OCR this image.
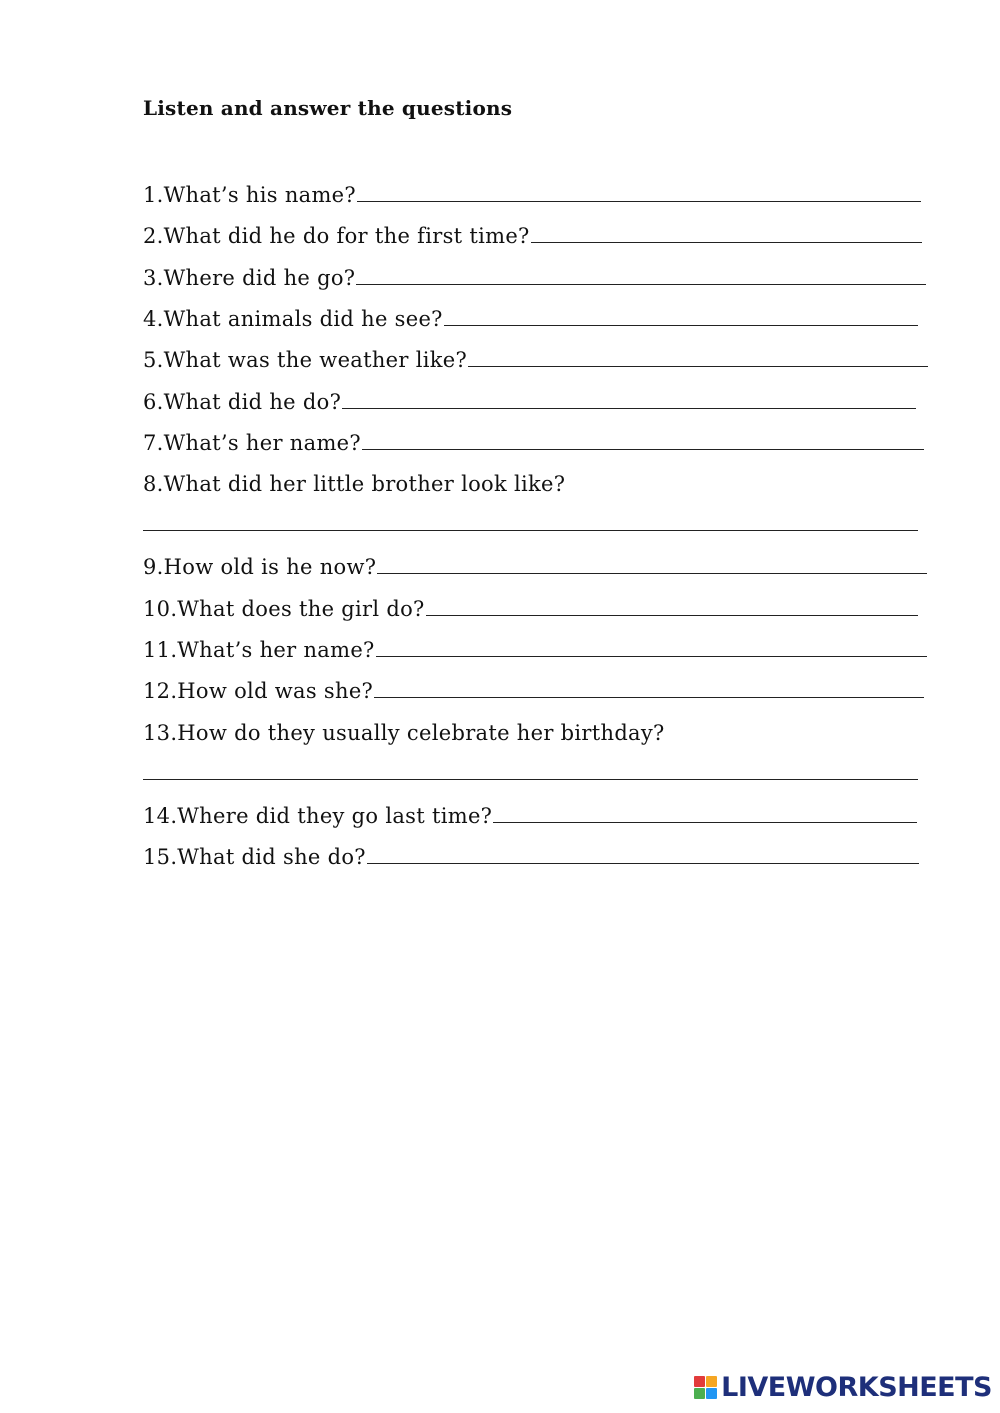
Listen and answer the questions
1.What’s his name?
2.What did he do for the first time?
3.Where did he go?
4.What animals did he see?
5.What was the weather like?
6.What did he do?
7.What’s her name?
8.What did her little brother look like?
9.How old is he now?
10.What does the girl do?
11.What’s her name?
12.How old was she?
13.How do they usually celebrate her birthday?
14.Where did they go last time?
15.What did she do?
LIVEWORKSHEETS
